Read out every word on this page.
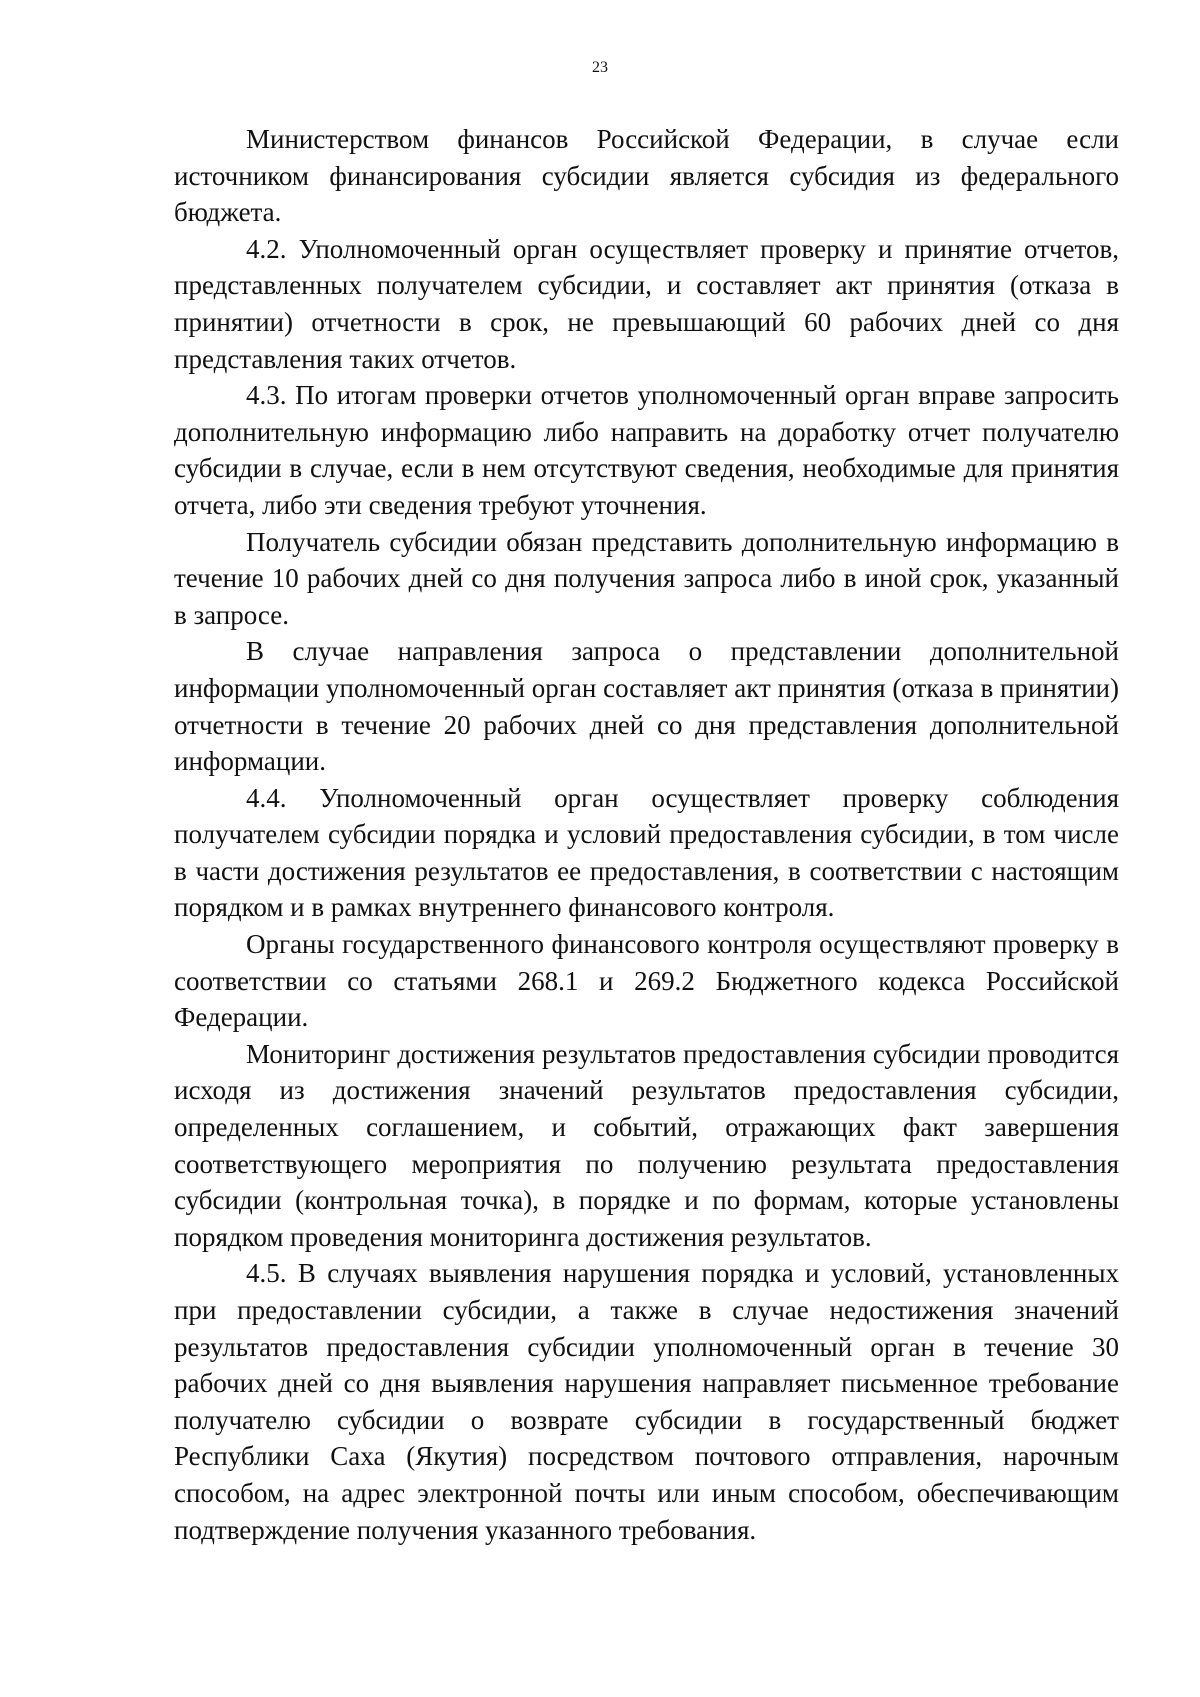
23

Министерством финансов Российской Федерации, в случае если источником финансирования субсидии является субсидия из федерального бюджета.

4.2. Уполномоченный орган осуществляет проверку и принятие отчетов, представленных получателем субсидии, и составляет акт принятия (отказа в принятии) отчетности в срок, не превышающий 60 рабочих дней со дня представления таких отчетов.

4.3. По итогам проверки отчетов уполномоченный орган вправе запросить дополнительную информацию либо направить на доработку отчет получателю субсидии в случае, если в нем отсутствуют сведения, необходимые для принятия отчета, либо эти сведения требуют уточнения.

Получатель субсидии обязан представить дополнительную информацию в течение 10 рабочих дней со дня получения запроса либо в иной срок, указанный в запросе.

В случае направления запроса о представлении дополнительной информации уполномоченный орган составляет акт принятия (отказа в принятии) отчетности в течение 20 рабочих дней со дня представления дополнительной информации.

4.4. Уполномоченный орган осуществляет проверку соблюдения получателем субсидии порядка и условий предоставления субсидии, в том числе в части достижения результатов ее предоставления, в соответствии с настоящим порядком и в рамках внутреннего финансового контроля.

Органы государственного финансового контроля осуществляют проверку в соответствии со статьями 268.1 и 269.2 Бюджетного кодекса Российской Федерации.

Мониторинг достижения результатов предоставления субсидии проводится исходя из достижения значений результатов предоставления субсидии, определенных соглашением, и событий, отражающих факт завершения соответствующего мероприятия по получению результата предоставления субсидии (контрольная точка), в порядке и по формам, которые установлены порядком проведения мониторинга достижения результатов.

4.5. В случаях выявления нарушения порядка и условий, установленных при предоставлении субсидии, а также в случае недостижения значений результатов предоставления субсидии уполномоченный орган в течение 30 рабочих дней со дня выявления нарушения направляет письменное требование получателю субсидии о возврате субсидии в государственный бюджет Республики Саха (Якутия) посредством почтового отправления, нарочным способом, на адрес электронной почты или иным способом, обеспечивающим подтверждение получения указанного требования.
